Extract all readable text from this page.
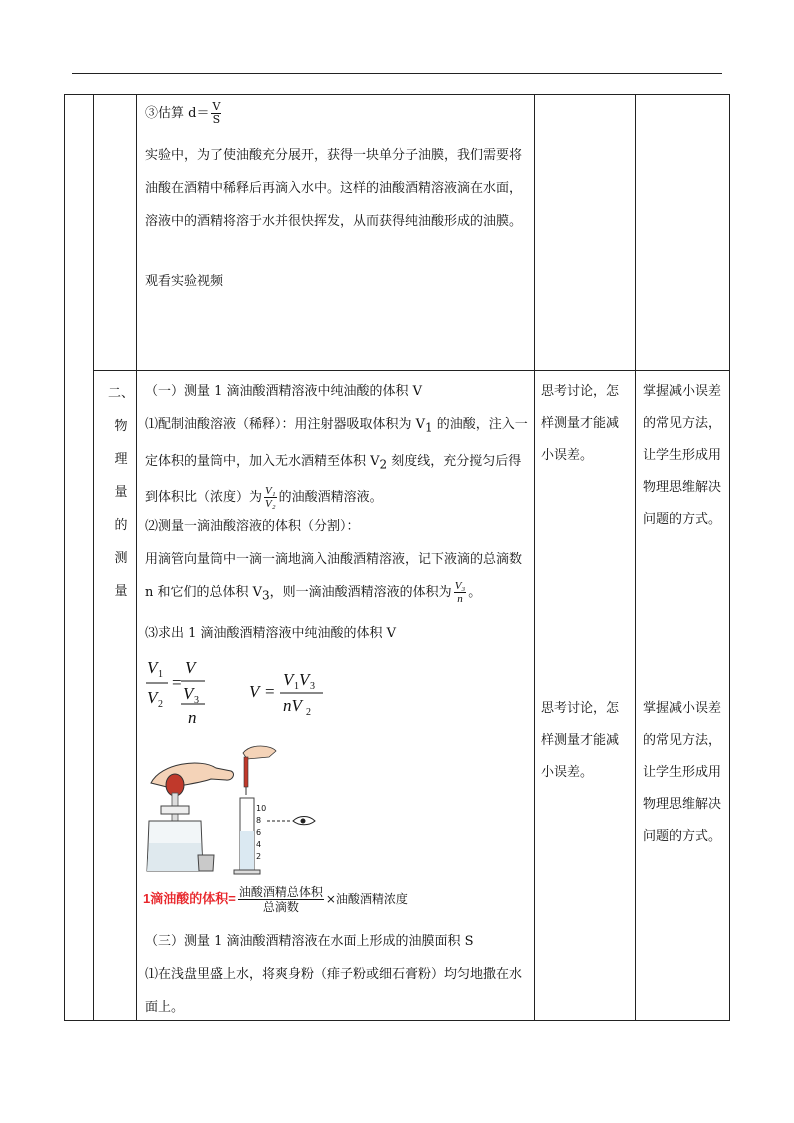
③估算 $d= \frac{V}{S}$

实验中，为了使油酸充分展开，获得一块单分子油膜，我们需要将油酸在酒精中稀释后再滴入水中。这样的油酸酒精溶液滴在水面，溶液中的酒精将溶于水并很快挥发，从而获得纯油酸形成的油膜。

观看实验视频

二、
物
理
量
的
测
量
（一）测量 1 滴油酸酒精溶液中纯油酸的体积 V

⑴配制油酸溶液（稀释）：用注射器吸取体积为 $V_1$ 的油酸，注入一定体积的量筒中，加入无水酒精至体积 $V_2$ 刻度线，充分搅匀后得到体积比（浓度）为 $\frac{\text{V₁}}{\text{V₂}}$ 的油酸酒精溶液。

⑵测量一滴油酸溶液的体积（分割）：

用滴管向量筒中一滴一滴地滴入油酸酒精溶液，记下液滴的总滴数 n 和它们的总体积 $V_3$，则一滴油酸酒精溶液的体积为 $\frac{\text{V₃}}{n}$ 。

⑶求出 1 滴油酸酒精溶液中纯油酸的体积 V
V 1
V 2
=
V
V 3
n
V =
V 1 V 3
nV 2
10
8
6
4
2
1滴油酸的体积= $\frac{\text{油酸酒精总体积}}{\text{总滴数}}$ ×油酸酒精浓度
（三）测量 1 滴油酸酒精溶液在水面上形成的油膜面积 S

⑴在浅盘里盛上水，将爽身粉（痱子粉或细石膏粉）均匀地撒在水面上。

思考讨论，怎样测量才能减小误差。
思考讨论，怎样测量才能减小误差。
掌握减小误差的常见方法，让学生形成用物理思维解决问题的方式。
掌握减小误差的常见方法，让学生形成用物理思维解决问题的方式。
